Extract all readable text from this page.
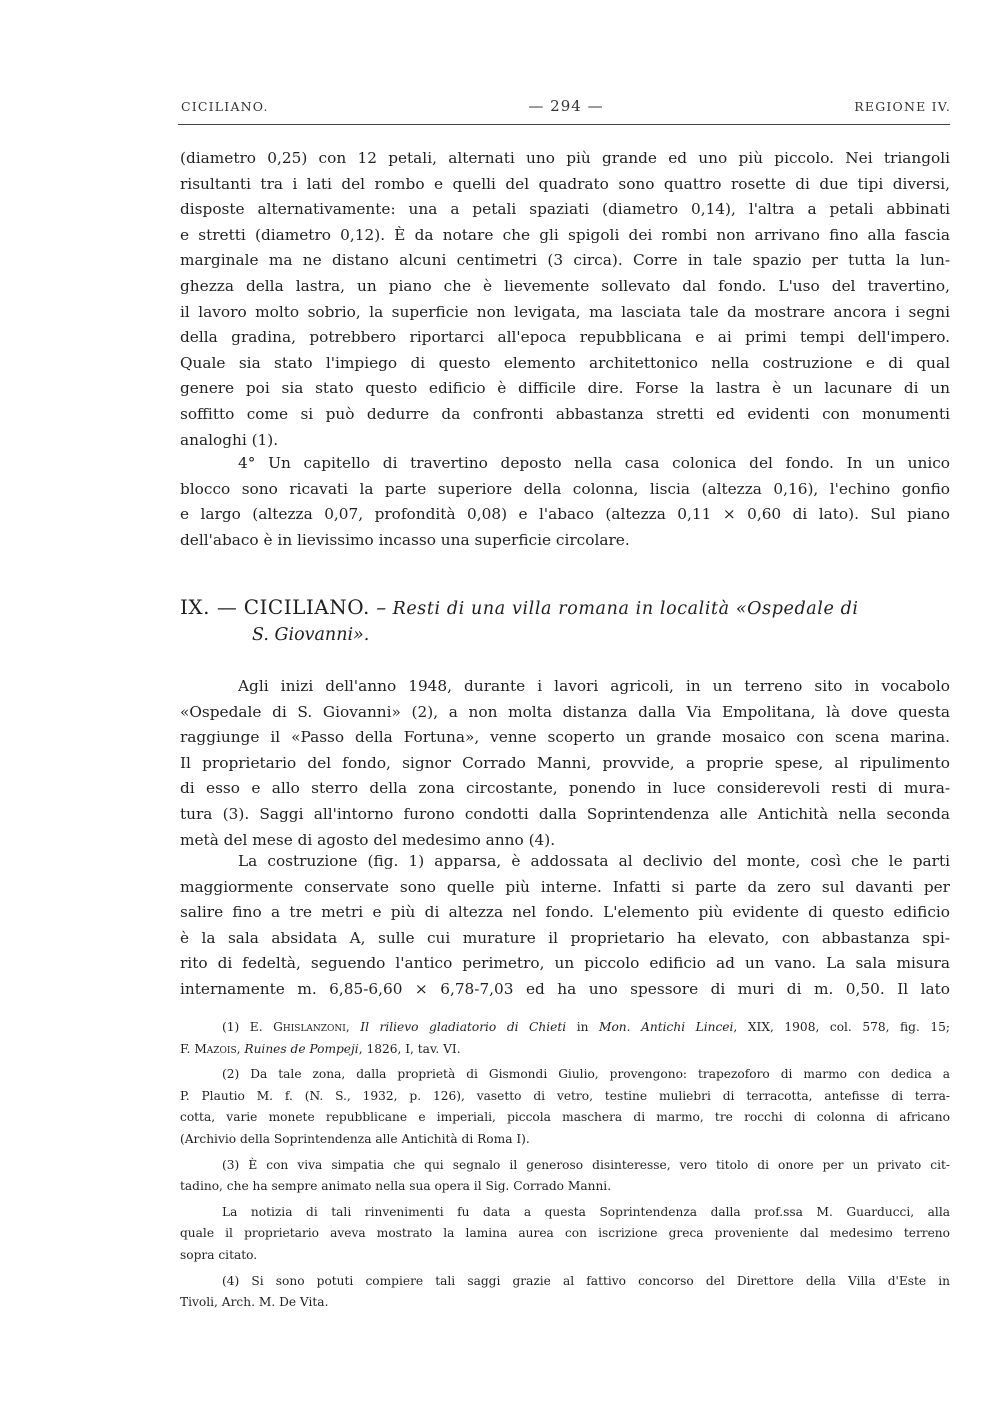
CICILIANO.	— 294 —	REGIONE IV.
(diametro 0,25) con 12 petali, alternati uno più grande ed uno più piccolo. Nei triangoli
risultanti tra i lati del rombo e quelli del quadrato sono quattro rosette di due tipi diversi,
disposte alternativamente: una a petali spaziati (diametro 0,14), l'altra a petali abbinati
e stretti (diametro 0,12). È da notare che gli spigoli dei rombi non arrivano fino alla fascia
marginale ma ne distano alcuni centimetri (3 circa). Corre in tale spazio per tutta la lun-
ghezza della lastra, un piano che è lievemente sollevato dal fondo. L'uso del travertino,
il lavoro molto sobrio, la superficie non levigata, ma lasciata tale da mostrare ancora i segni
della gradina, potrebbero riportarci all'epoca repubblicana e ai primi tempi dell'impero.
Quale sia stato l'impiego di questo elemento architettonico nella costruzione e di qual
genere poi sia stato questo edificio è difficile dire. Forse la lastra è un lacunare di un
soffitto come si può dedurre da confronti abbastanza stretti ed evidenti con monumenti
analoghi (1).
4° Un capitello di travertino deposto nella casa colonica del fondo. In un unico
blocco sono ricavati la parte superiore della colonna, liscia (altezza 0,16), l'echino gonfio
e largo (altezza 0,07, profondità 0,08) e l'abaco (altezza 0,11 × 0,60 di lato). Sul piano
dell'abaco è in lievissimo incasso una superficie circolare.
IX. — CICILIANO. – Resti di una villa romana in località «Ospedale di
S. Giovanni».
Agli inizi dell'anno 1948, durante i lavori agricoli, in un terreno sito in vocabolo
«Ospedale di S. Giovanni» (2), a non molta distanza dalla Via Empolitana, là dove questa
raggiunge il «Passo della Fortuna», venne scoperto un grande mosaico con scena marina.
Il proprietario del fondo, signor Corrado Manni, provvide, a proprie spese, al ripulimento
di esso e allo sterro della zona circostante, ponendo in luce considerevoli resti di mura-
tura (3). Saggi all'intorno furono condotti dalla Soprintendenza alle Antichità nella seconda
metà del mese di agosto del medesimo anno (4).
La costruzione (fig. 1) apparsa, è addossata al declivio del monte, così che le parti
maggiormente conservate sono quelle più interne. Infatti si parte da zero sul davanti per
salire fino a tre metri e più di altezza nel fondo. L'elemento più evidente di questo edificio
è la sala absidata A, sulle cui murature il proprietario ha elevato, con abbastanza spi-
rito di fedeltà, seguendo l'antico perimetro, un piccolo edificio ad un vano. La sala misura
internamente m. 6,85-6,60 × 6,78-7,03 ed ha uno spessore di muri di m. 0,50. Il lato
(1) E. Ghislanzoni, Il rilievo gladiatorio di Chieti in Mon. Antichi Lincei, XIX, 1908, col. 578, fig. 15;
F. Mazois, Ruines de Pompeji, 1826, I, tav. VI.
(2) Da tale zona, dalla proprietà di Gismondi Giulio, provengono: trapezoforo di marmo con dedica a
P. Plautio M. f. (N. S., 1932, p. 126), vasetto di vetro, testine muliebri di terracotta, antefisse di terra-
cotta, varie monete repubblicane e imperiali, piccola maschera di marmo, tre rocchi di colonna di africano
(Archivio della Soprintendenza alle Antichità di Roma I).
(3) È con viva simpatia che qui segnalo il generoso disinteresse, vero titolo di onore per un privato cit-
tadino, che ha sempre animato nella sua opera il Sig. Corrado Manni.
La notizia di tali rinvenimenti fu data a questa Soprintendenza dalla prof.ssa M. Guarducci, alla
quale il proprietario aveva mostrato la lamina aurea con iscrizione greca proveniente dal medesimo terreno
sopra citato.
(4) Si sono potuti compiere tali saggi grazie al fattivo concorso del Direttore della Villa d'Este in
Tivoli, Arch. M. De Vita.
